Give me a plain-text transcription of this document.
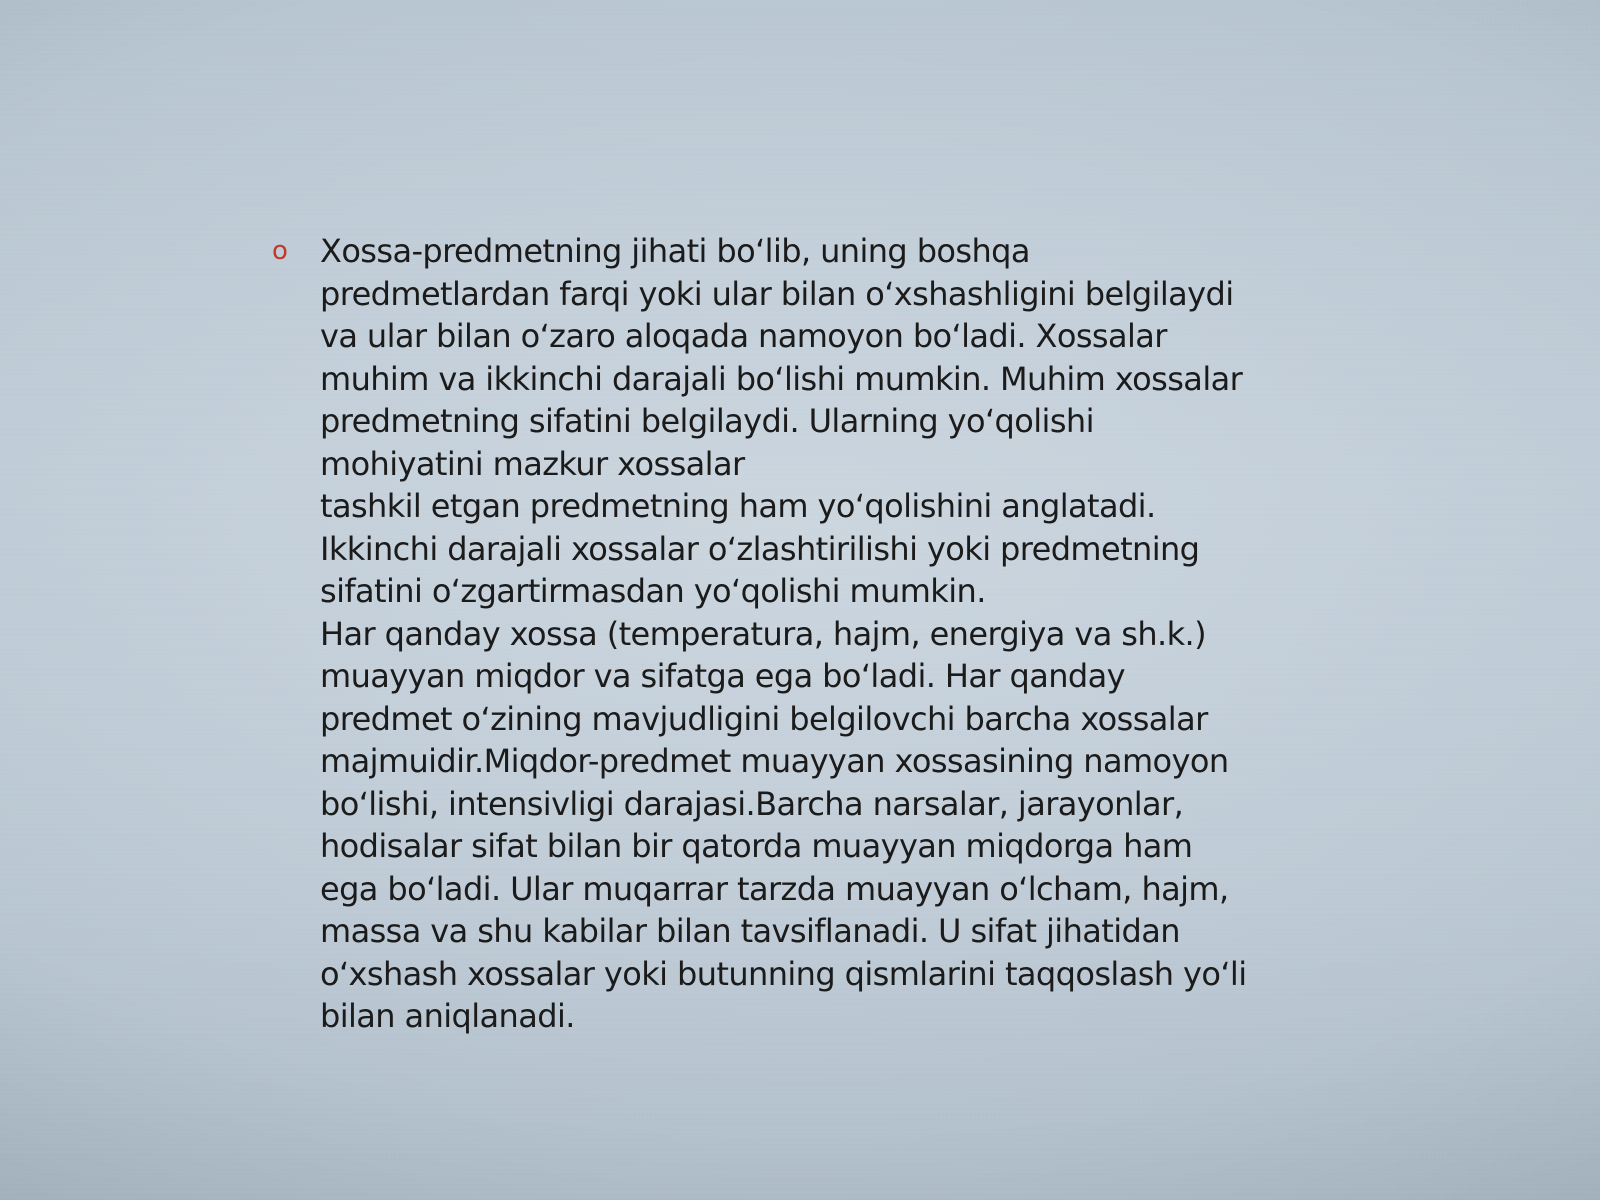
o	Xossa-predmetning jihati bo‘lib, uning boshqa
predmetlardan farqi yoki ular bilan o‘xshashligini belgilaydi
va ular bilan o‘zaro aloqada namoyon bo‘ladi. Xossalar
muhim va ikkinchi darajali bo‘lishi mumkin. Muhim xossalar
predmetning sifatini belgilaydi. Ularning yo‘qolishi
mohiyatini mazkur xossalar
tashkil etgan predmetning ham yo‘qolishini anglatadi.
Ikkinchi darajali xossalar o‘zlashtirilishi yoki predmetning
sifatini o‘zgartirmasdan yo‘qolishi mumkin.
Har qanday xossa (temperatura, hajm, energiya va sh.k.)
muayyan miqdor va sifatga ega bo‘ladi. Har qanday
predmet o‘zining mavjudligini belgilovchi barcha xossalar
majmuidir.Miqdor-predmet muayyan xossasining namoyon
bo‘lishi, intensivligi darajasi.Barcha narsalar, jarayonlar,
hodisalar sifat bilan bir qatorda muayyan miqdorga ham
ega bo‘ladi. Ular muqarrar tarzda muayyan o‘lcham, hajm,
massa va shu kabilar bilan tavsiflanadi. U sifat jihatidan
o‘xshash xossalar yoki butunning qismlarini taqqoslash yo‘li
bilan aniqlanadi.
